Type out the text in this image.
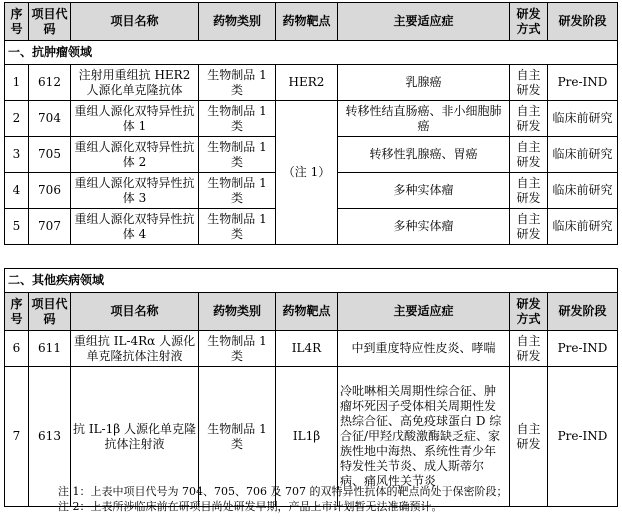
序号	项目代码	项目名称	药物类别	药物靶点	主要适应症	研发方式	研发阶段
一、抗肿瘤领域							
1	612	注射用重组抗 HER2 人源化单克隆抗体	生物制品 1 类	HER2	乳腺癌	自主研发	Pre-IND
2	704	重组人源化双特异性抗体 1	生物制品 1 类	（注 1）	转移性结直肠癌、非小细胞肺癌	自主研发	临床前研究
3	705	重组人源化双特异性抗体 2	生物制品 1 类		转移性乳腺癌、胃癌	自主研发	临床前研究
4	706	重组人源化双特异性抗体 3	生物制品 1 类		多种实体瘤	自主研发	临床前研究
5	707	重组人源化双特异性抗体 4	生物制品 1 类		多种实体瘤	自主研发	临床前研究
二、其他疾病领域							
序号	项目代码	项目名称	药物类别	药物靶点	主要适应症	研发方式	研发阶段
6	611	重组抗 IL-4Rα 人源化单克隆抗体注射液	生物制品 1 类	IL4R	中到重度特应性皮炎、哮喘	自主研发	Pre-IND
7	613	抗 IL-1β 人源化单克隆抗体注射液	生物制品 1 类	IL1β	冷吡啉相关周期性综合征、肿瘤坏死因子受体相关周期性发热综合征、高免疫球蛋白 D 综合征/甲羟戊酸激酶缺乏症、家族性地中海热、系统性青少年特发性关节炎、成人斯蒂尔病、痛风性关节炎	自主研发	Pre-IND
注 1：上表中项目代号为 704、705、706 及 707 的双特异性抗体的靶点尚处于保密阶段；
注 2：上表所涉临床前在研项目尚处研发早期，产品上市计划暂无法准确预计。
